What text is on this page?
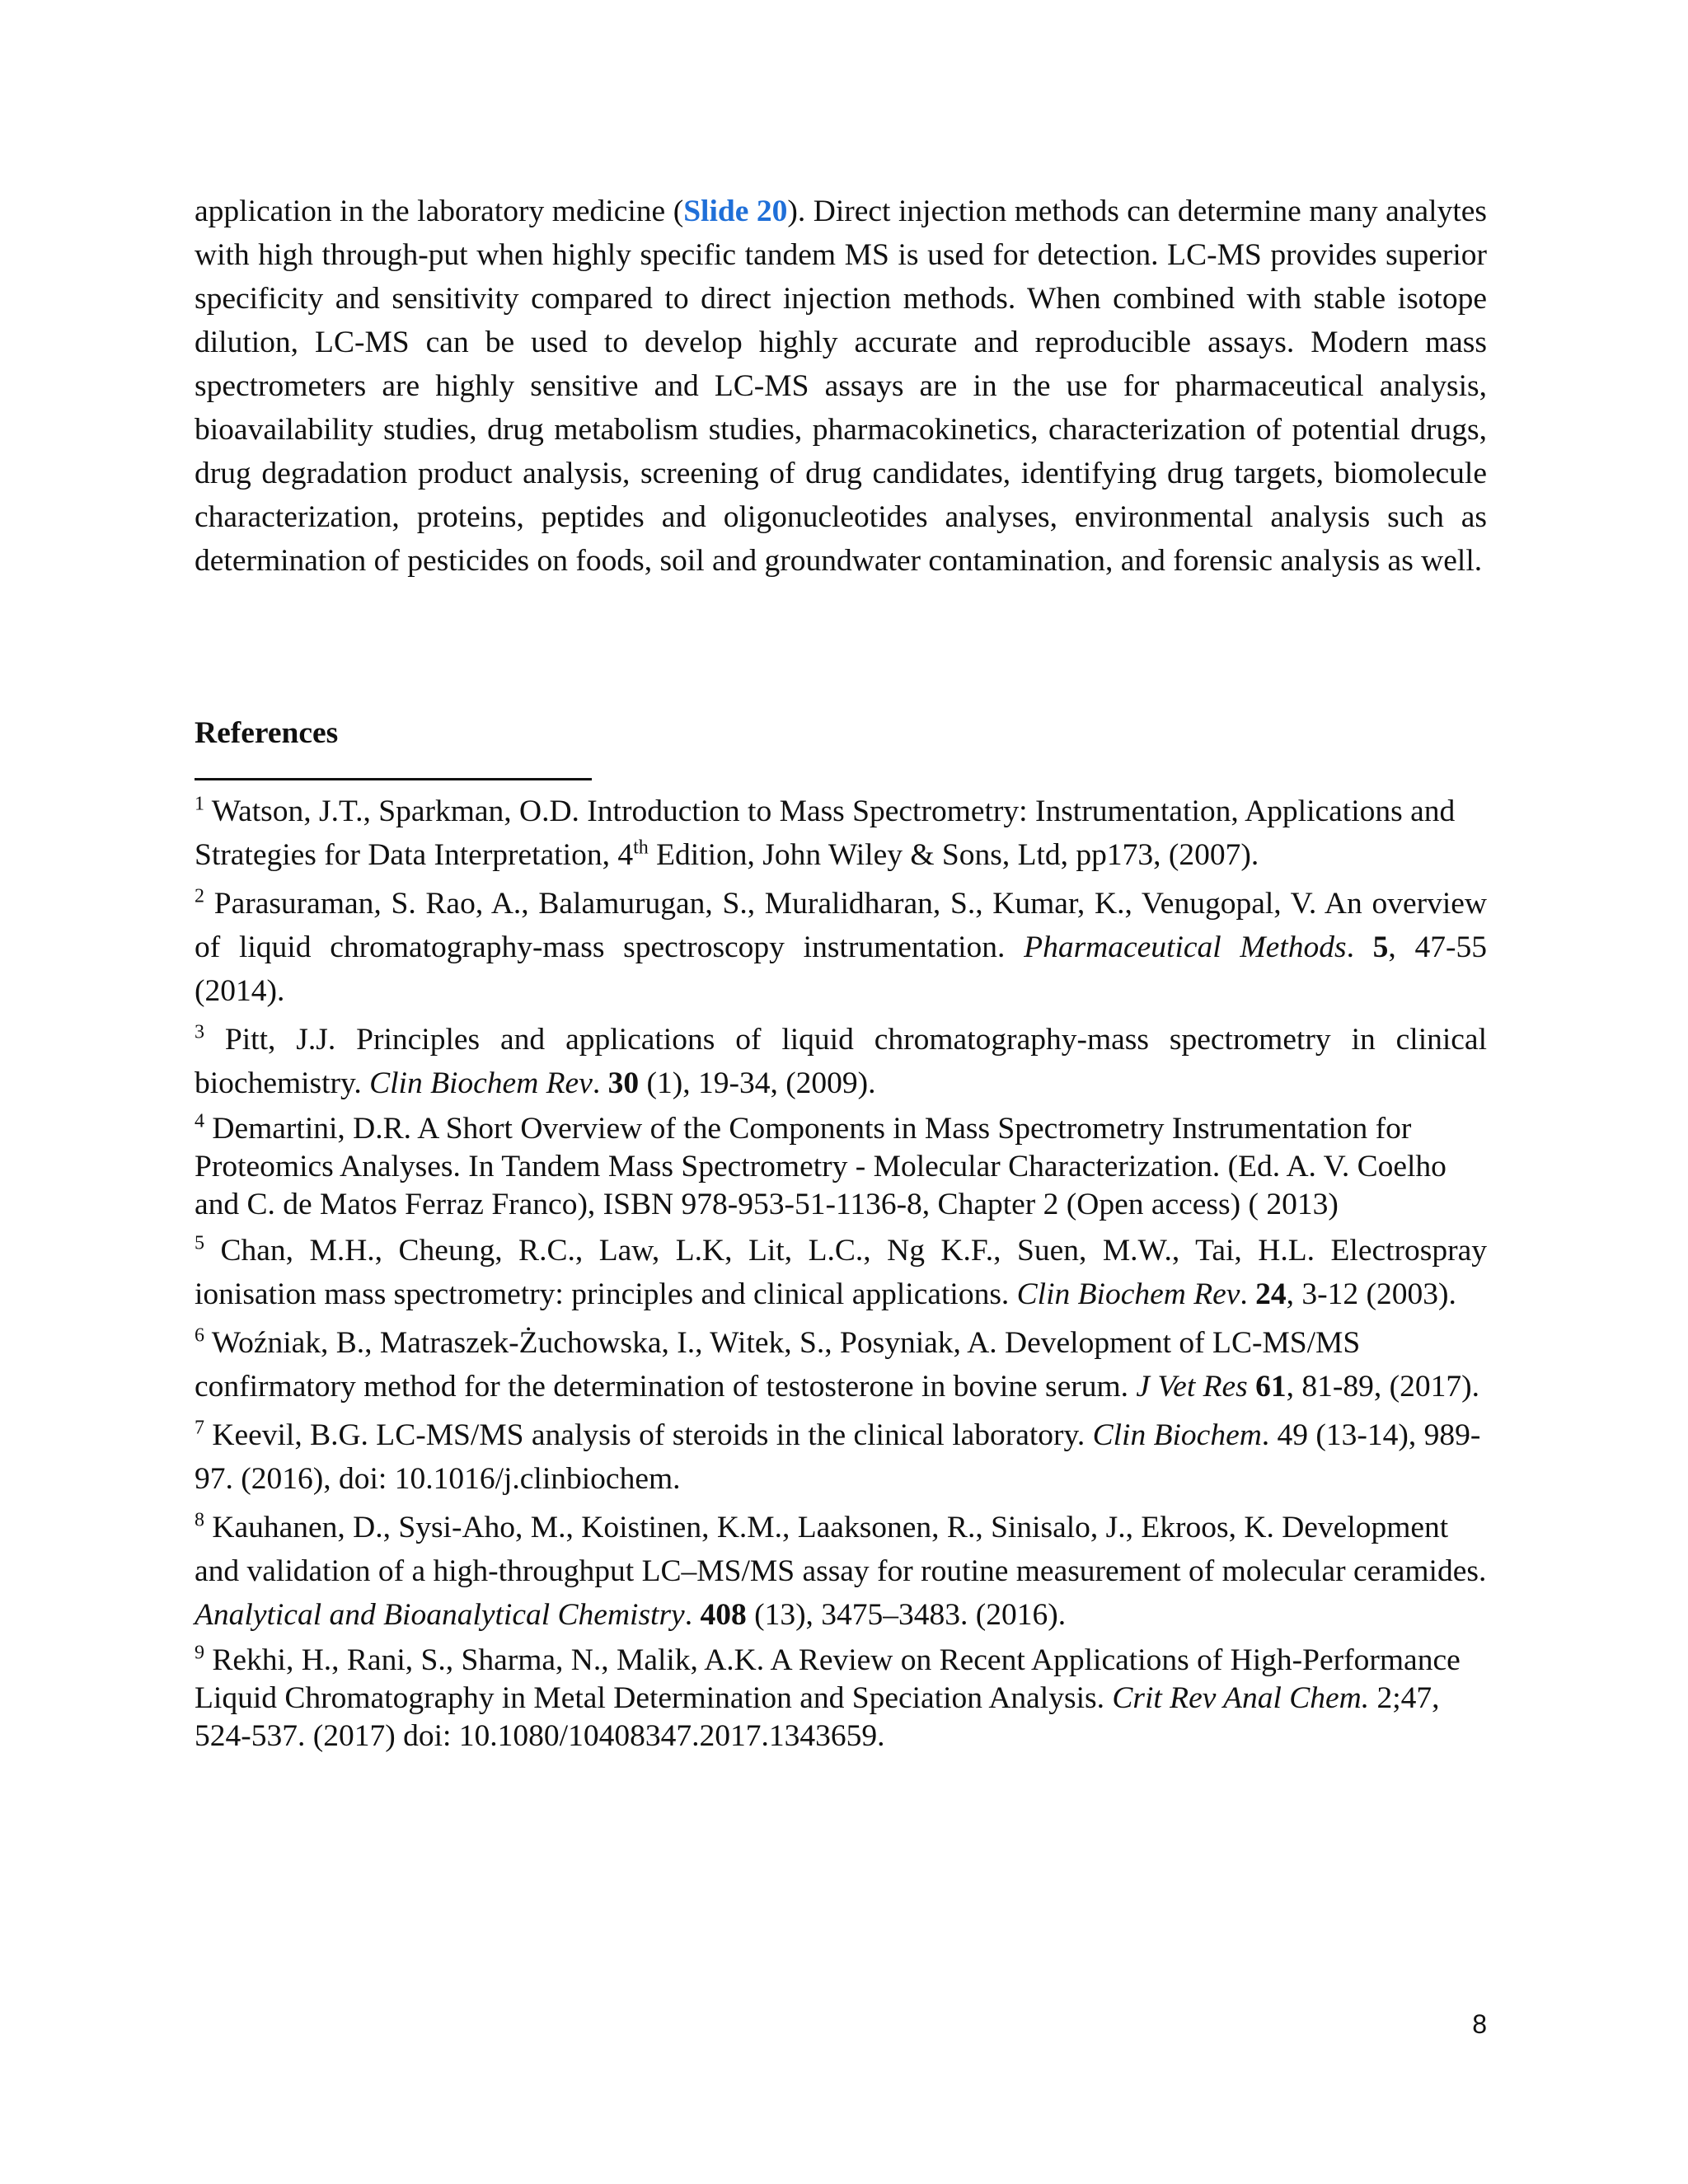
application in the laboratory medicine (Slide 20). Direct injection methods can determine many analytes with high through-put when highly specific tandem MS is used for detection. LC-MS provides superior specificity and sensitivity compared to direct injection methods. When combined with stable isotope dilution, LC-MS can be used to develop highly accurate and reproducible assays. Modern mass spectrometers are highly sensitive and LC-MS assays are in the use for pharmaceutical analysis, bioavailability studies, drug metabolism studies, pharmacokinetics, characterization of potential drugs, drug degradation product analysis, screening of drug candidates, identifying drug targets, biomolecule characterization, proteins, peptides and oligonucleotides analyses, environmental analysis such as determination of pesticides on foods, soil and groundwater contamination, and forensic analysis as well.

References

$^1$ Watson, J.T., Sparkman, O.D. Introduction to Mass Spectrometry: Instrumentation, Applications and Strategies for Data Interpretation, 4th Edition, John Wiley & Sons, Ltd, pp173, (2007).
$^2$ Parasuraman, S. Rao, A., Balamurugan, S., Muralidharan, S., Kumar, K., Venugopal, V. An overview of liquid chromatography-mass spectroscopy instrumentation. Pharmaceutical Methods. 5, 47-55 (2014).
$^3$ Pitt, J.J. Principles and applications of liquid chromatography-mass spectrometry in clinical biochemistry. Clin Biochem Rev. 30 (1), 19-34, (2009).
$^4$ Demartini, D.R. A Short Overview of the Components in Mass Spectrometry Instrumentation for Proteomics Analyses. In Tandem Mass Spectrometry - Molecular Characterization. (Ed. A. V. Coelho and C. de Matos Ferraz Franco), ISBN 978-953-51-1136-8, Chapter 2 (Open access) ( 2013)
$^5$ Chan, M.H., Cheung, R.C., Law, L.K, Lit, L.C., Ng K.F., Suen, M.W., Tai, H.L. Electrospray ionisation mass spectrometry: principles and clinical applications. Clin Biochem Rev. 24, 3-12 (2003).
$^6$ Woźniak, B., Matraszek-Żuchowska, I., Witek, S., Posyniak, A. Development of LC-MS/MS confirmatory method for the determination of testosterone in bovine serum. J Vet Res 61, 81-89, (2017).
$^7$ Keevil, B.G. LC-MS/MS analysis of steroids in the clinical laboratory. Clin Biochem. 49 (13-14), 989-97. (2016), doi: 10.1016/j.clinbiochem.
$^8$ Kauhanen, D., Sysi-Aho, M., Koistinen, K.M., Laaksonen, R., Sinisalo, J., Ekroos, K. Development and validation of a high-throughput LC–MS/MS assay for routine measurement of molecular ceramides. Analytical and Bioanalytical Chemistry. 408 (13), 3475–3483. (2016).
$^9$ Rekhi, H., Rani, S., Sharma, N., Malik, A.K. A Review on Recent Applications of High-Performance Liquid Chromatography in Metal Determination and Speciation Analysis. Crit Rev Anal Chem. 2;47, 524-537. (2017) doi: 10.1080/10408347.2017.1343659.
8
